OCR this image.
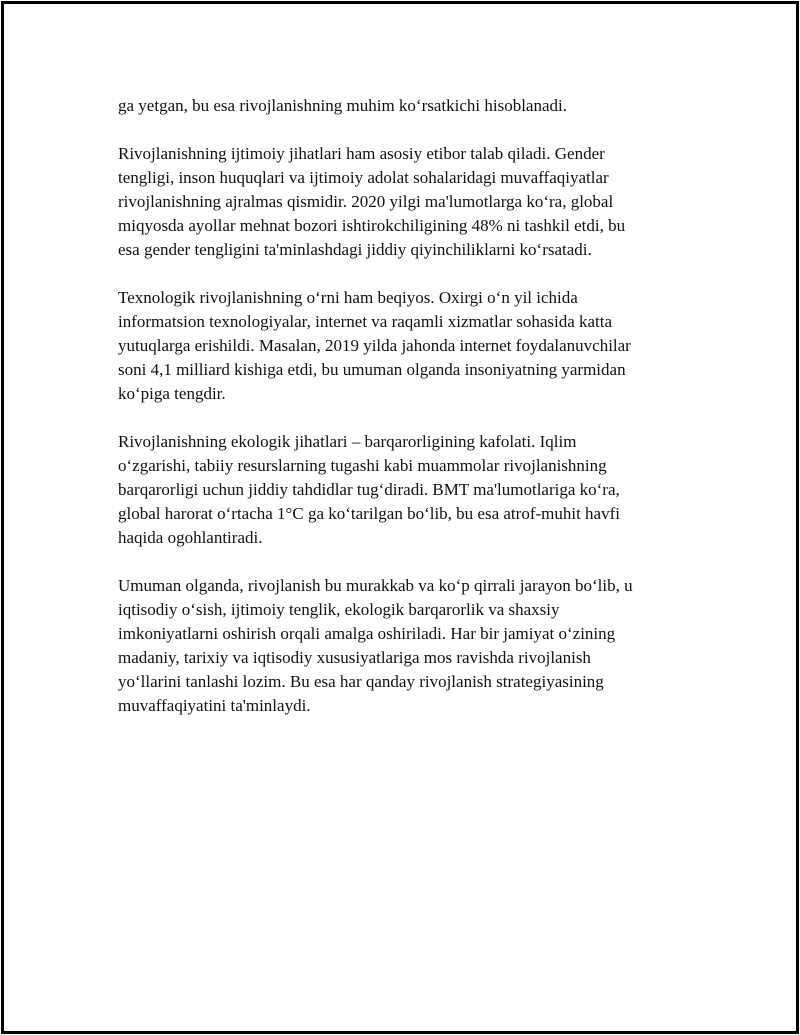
ga yetgan, bu esa rivojlanishning muhim ko‘rsatkichi hisoblanadi.

Rivojlanishning ijtimoiy jihatlari ham asosiy etibor talab qiladi. Gender
tengligi, inson huquqlari va ijtimoiy adolat sohalaridagi muvaffaqiyatlar
rivojlanishning ajralmas qismidir. 2020 yilgi ma'lumotlarga ko‘ra, global
miqyosda ayollar mehnat bozori ishtirokchiligining 48% ni tashkil etdi, bu
esa gender tengligini ta'minlashdagi jiddiy qiyinchiliklarni ko‘rsatadi.

Texnologik rivojlanishning o‘rni ham beqiyos. Oxirgi o‘n yil ichida
informatsion texnologiyalar, internet va raqamli xizmatlar sohasida katta
yutuqlarga erishildi. Masalan, 2019 yilda jahonda internet foydalanuvchilar
soni 4,1 milliard kishiga etdi, bu umuman olganda insoniyatning yarmidan
ko‘piga tengdir.

Rivojlanishning ekologik jihatlari – barqarorligining kafolati. Iqlim
o‘zgarishi, tabiiy resurslarning tugashi kabi muammolar rivojlanishning
barqarorligi uchun jiddiy tahdidlar tug‘diradi. BMT ma'lumotlariga ko‘ra,
global harorat o‘rtacha 1°C ga ko‘tarilgan bo‘lib, bu esa atrof-muhit havfi
haqida ogohlantiradi.

Umuman olganda, rivojlanish bu murakkab va ko‘p qirrali jarayon bo‘lib, u
iqtisodiy o‘sish, ijtimoiy tenglik, ekologik barqarorlik va shaxsiy
imkoniyatlarni oshirish orqali amalga oshiriladi. Har bir jamiyat o‘zining
madaniy, tarixiy va iqtisodiy xususiyatlariga mos ravishda rivojlanish
yo‘llarini tanlashi lozim. Bu esa har qanday rivojlanish strategiyasining
muvaffaqiyatini ta'minlaydi.
